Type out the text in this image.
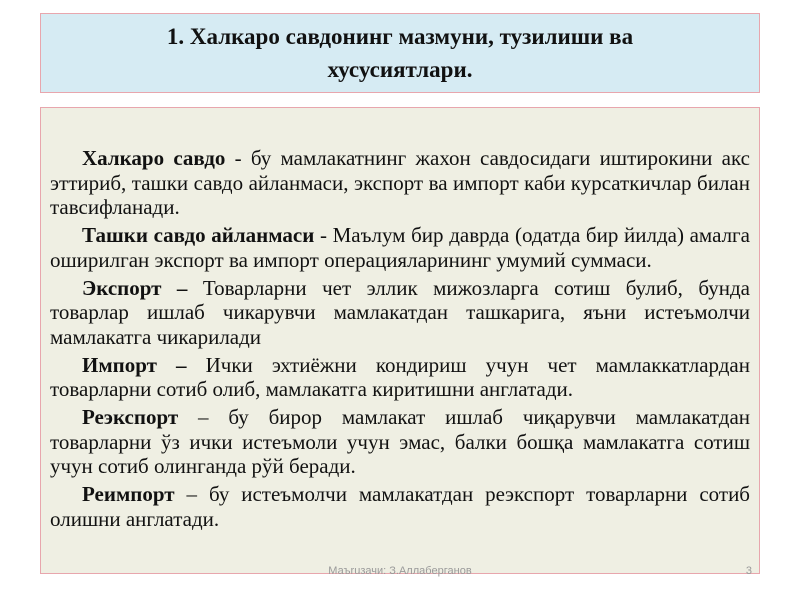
1. Халкаро савдонинг мазмуни, тузилиши ва хусусиятлари.

Халкаро савдо - бу мамлакатнинг жахон савдосидаги иштирокини акс эттириб, ташки савдо айланмаси, экспорт ва импорт каби курсаткичлар билан тавсифланади.

Ташки савдо айланмаси - Маълум бир даврда (одатда бир йилда) амалга оширилган экспорт ва импорт операцияларининг умумий суммаси.

Экспорт – Товарларни чет эллик мижозларга сотиш булиб, бунда товарлар ишлаб чикарувчи мамлакатдан ташкарига, яъни истеъмолчи мамлакатга чикарилади

Импорт – Ички эхтиёжни кондириш учун чет мамлаккатлардан товарларни сотиб олиб, мамлакатга киритишни англатади.

Реэкспорт – бу бирор мамлакат ишлаб чиқарувчи мамлакатдан товарларни ўз ички истеъмоли учун эмас, балки бошқа мамлакатга сотиш учун сотиб олинганда рўй беради.

Реимпорт – бу истеъмолчи мамлакатдан реэкспорт товарларни сотиб олишни англатади.

Маъruзачи: З.Аллабeрганов	3
